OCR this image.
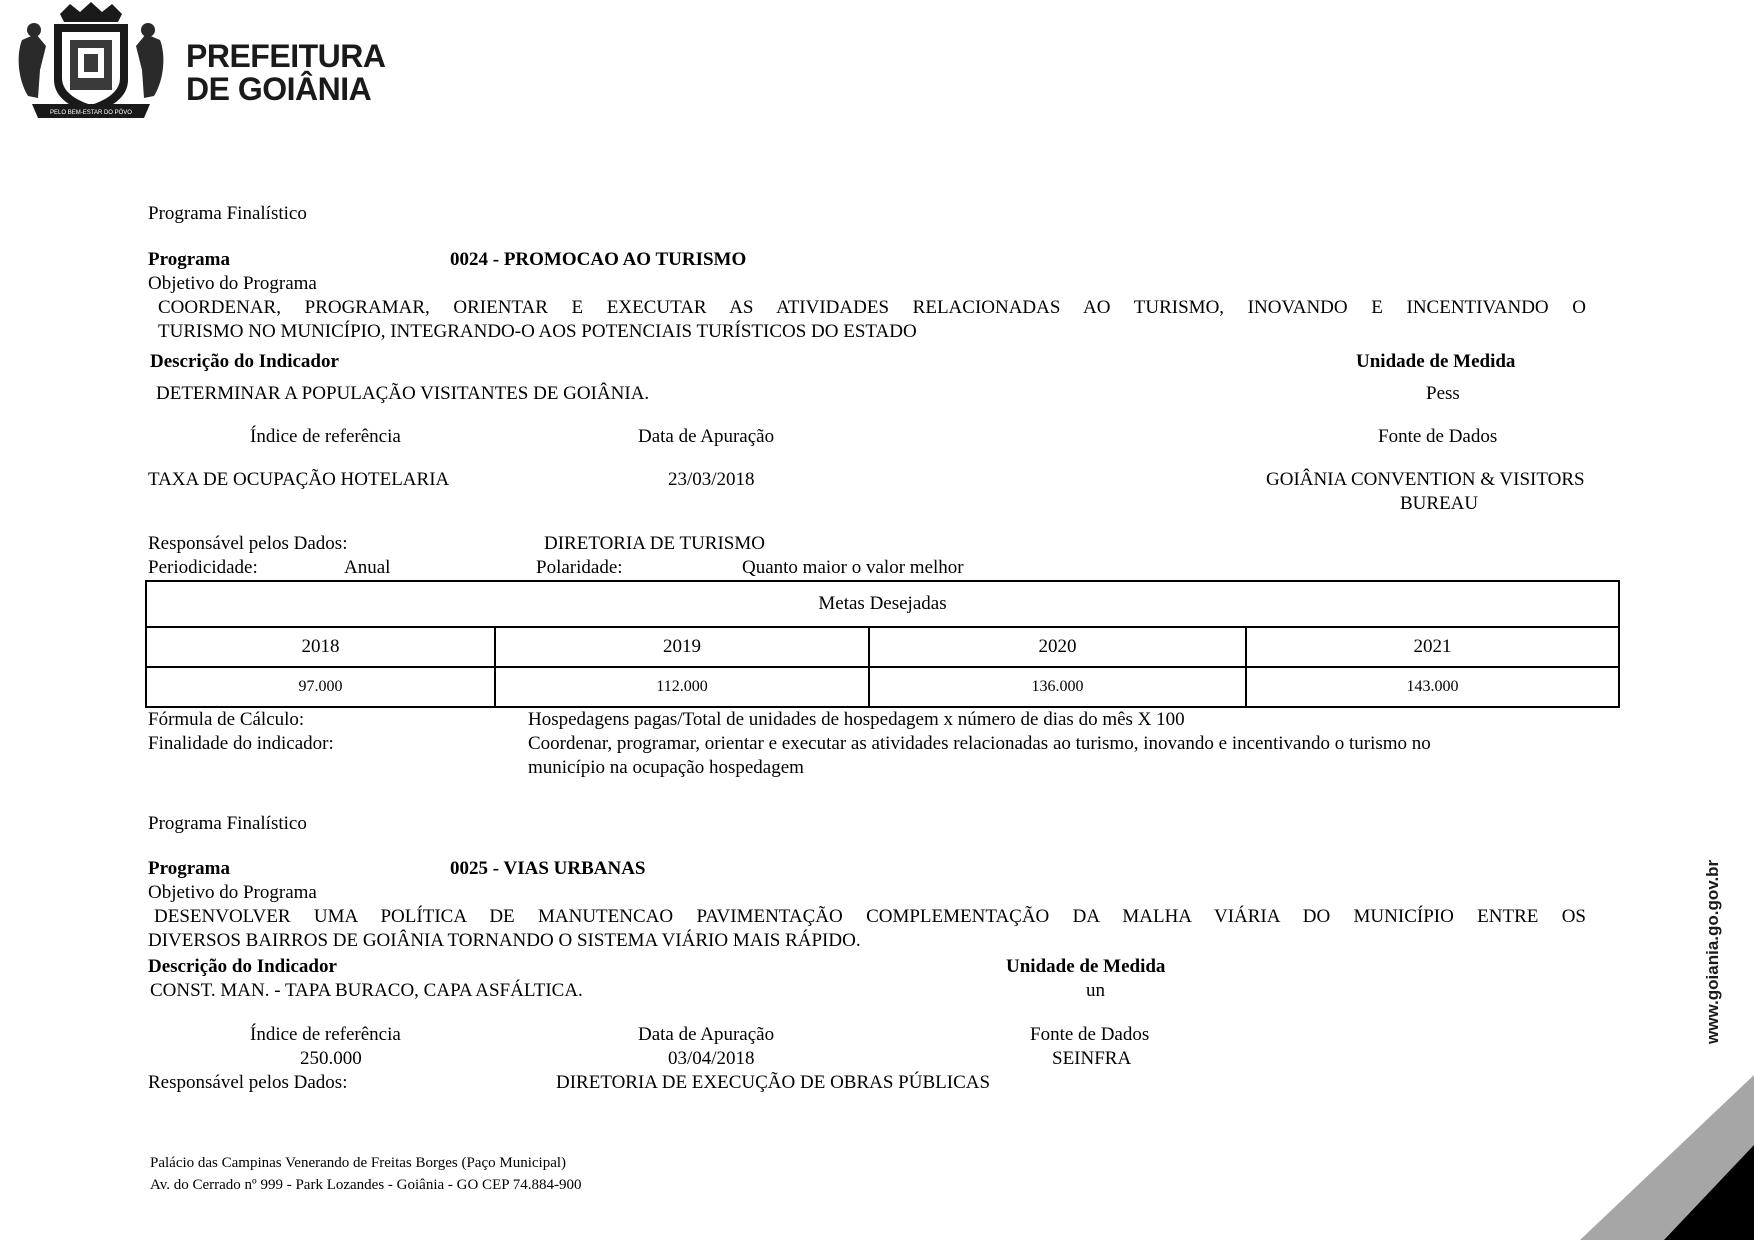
PELO BEM-ESTAR DO PÓVO
PREFEITURA
DE GOIÂNIA
Programa Finalístico
Programa	0024 - PROMOCAO AO TURISMO
Objetivo do Programa
COORDENAR, PROGRAMAR, ORIENTAR E EXECUTAR AS ATIVIDADES RELACIONADAS AO TURISMO, INOVANDO E INCENTIVANDO O
TURISMO NO MUNICÍPIO, INTEGRANDO-O AOS POTENCIAIS TURÍSTICOS DO ESTADO
Descrição do Indicador	Unidade de Medida
DETERMINAR A POPULAÇÃO VISITANTES DE GOIÂNIA.	Pess
Índice de referência	Data de Apuração	Fonte de Dados
TAXA DE OCUPAÇÃO HOTELARIA	23/03/2018	GOIÂNIA CONVENTION & VISITORS
BUREAU
Responsável pelos Dados:	DIRETORIA DE TURISMO
Periodicidade:	Anual	Polaridade:	Quanto maior o valor melhor
Metas Desejadas			
2018	2019	2020	2021
97.000	112.000	136.000	143.000
Fórmula de Cálculo:	Hospedagens pagas/Total de unidades de hospedagem x número de dias do mês X 100
Finalidade do indicador:	Coordenar, programar, orientar e executar as atividades relacionadas ao turismo, inovando e incentivando o turismo no
município na ocupação hospedagem
Programa Finalístico
Programa	0025 - VIAS URBANAS
Objetivo do Programa
DESENVOLVER UMA POLÍTICA DE MANUTENCAO PAVIMENTAÇÃO COMPLEMENTAÇÃO DA MALHA VIÁRIA DO MUNICÍPIO ENTRE OS
DIVERSOS BAIRROS DE GOIÂNIA TORNANDO O SISTEMA VIÁRIO MAIS RÁPIDO.
Descrição do Indicador	Unidade de Medida
CONST. MAN. - TAPA BURACO, CAPA ASFÁLTICA.	un
Índice de referência	Data de Apuração	Fonte de Dados
250.000	03/04/2018	SEINFRA
Responsável pelos Dados:	DIRETORIA DE EXECUÇÃO DE OBRAS PÚBLICAS
Palácio das Campinas Venerando de Freitas Borges (Paço Municipal)
Av. do Cerrado nº 999 - Park Lozandes - Goiânia - GO CEP 74.884-900
www.goiania.go.gov.br
